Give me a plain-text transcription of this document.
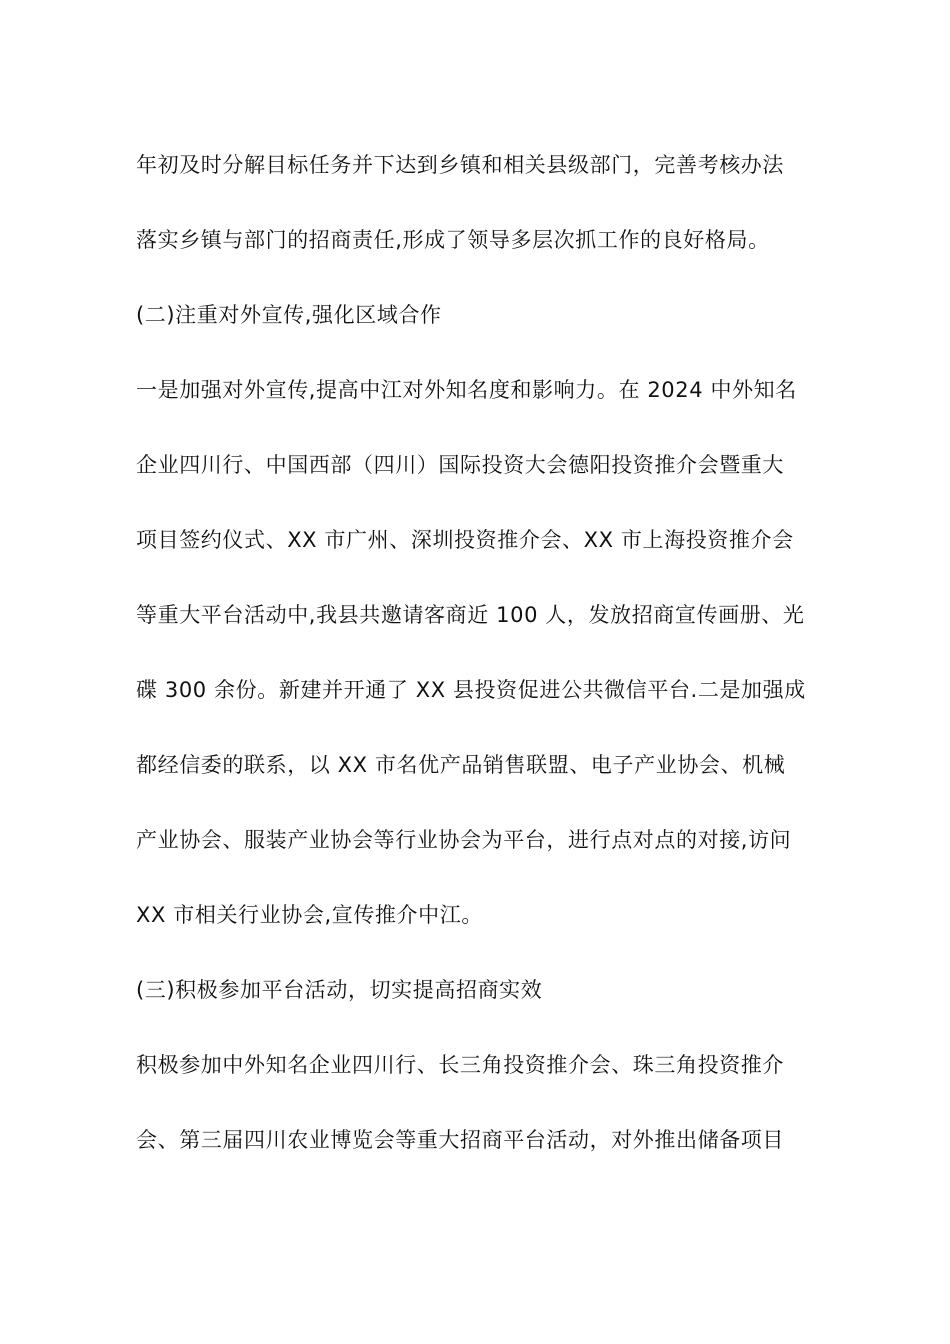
年初及时分解目标任务并下达到乡镇和相关县级部门，完善考核办法
落实乡镇与部门的招商责任,形成了领导多层次抓工作的良好格局。
(二)注重对外宣传,强化区域合作
一是加强对外宣传,提高中江对外知名度和影响力。在 2024 中外知名
企业四川行、中国西部（四川）国际投资大会德阳投资推介会暨重大
项目签约仪式、XX 市广州、深圳投资推介会、XX 市上海投资推介会
等重大平台活动中,我县共邀请客商近 100 人，发放招商宣传画册、光
碟 300 余份。新建并开通了 XX 县投资促进公共微信平台.二是加强成
都经信委的联系，以 XX 市名优产品销售联盟、电子产业协会、机械
产业协会、服装产业协会等行业协会为平台，进行点对点的对接,访问
XX 市相关行业协会,宣传推介中江。
(三)积极参加平台活动，切实提高招商实效
积极参加中外知名企业四川行、长三角投资推介会、珠三角投资推介
会、第三届四川农业博览会等重大招商平台活动，对外推出储备项目
